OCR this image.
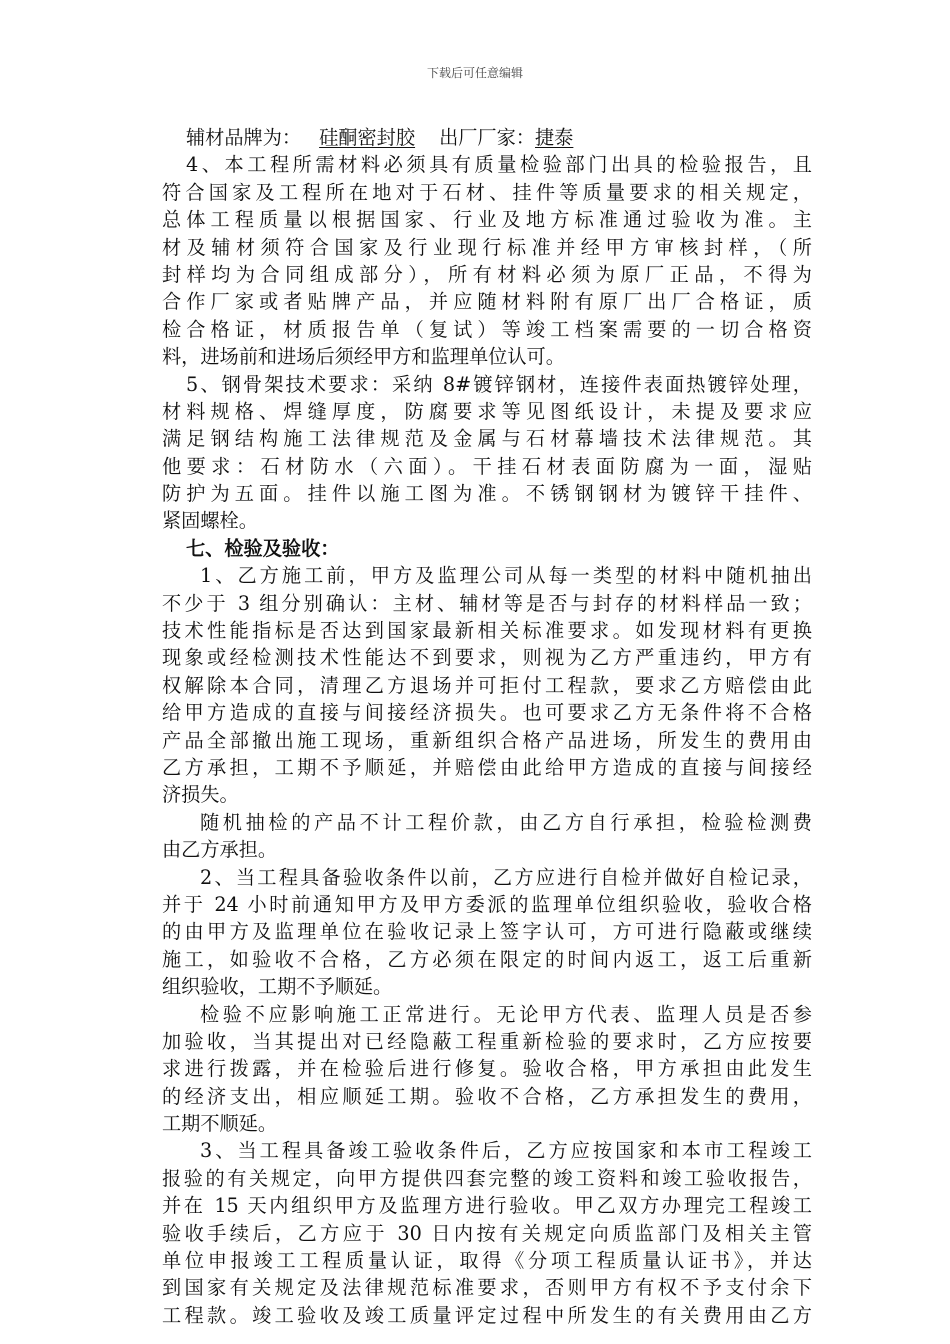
下载后可任意编辑
辅材品牌为： 硅酮密封胶 出厂厂家：捷泰
4、本工程所需材料必须具有质量检验部门出具的检验报告，且
符合国家及工程所在地对于石材、挂件等质量要求的相关规定，
总体工程质量以根据国家、行业及地方标准通过验收为准。主
材及辅材须符合国家及行业现行标准并经甲方审核封样，（所
封样均为合同组成部分），所有材料必须为原厂正品，不得为
合作厂家或者贴牌产品，并应随材料附有原厂出厂合格证，质
检合格证，材质报告单（复试）等竣工档案需要的一切合格资
料，进场前和进场后须经甲方和监理单位认可。
5、钢骨架技术要求：采纳 8#镀锌钢材，连接件表面热镀锌处理，
材料规格、焊缝厚度，防腐要求等见图纸设计，未提及要求应
满足钢结构施工法律规范及金属与石材幕墙技术法律规范。其
他要求：石材防水（六面）。干挂石材表面防腐为一面，湿贴
防护为五面。挂件以施工图为准。不锈钢钢材为镀锌干挂件、
紧固螺栓。
七、检验及验收：
1、乙方施工前，甲方及监理公司从每一类型的材料中随机抽出
不少于 3 组分别确认：主材、辅材等是否与封存的材料样品一致；
技术性能指标是否达到国家最新相关标准要求。如发现材料有更换
现象或经检测技术性能达不到要求，则视为乙方严重违约，甲方有
权解除本合同，清理乙方退场并可拒付工程款，要求乙方赔偿由此
给甲方造成的直接与间接经济损失。也可要求乙方无条件将不合格
产品全部撤出施工现场，重新组织合格产品进场，所发生的费用由
乙方承担，工期不予顺延，并赔偿由此给甲方造成的直接与间接经
济损失。
随机抽检的产品不计工程价款，由乙方自行承担，检验检测费
由乙方承担。
2、当工程具备验收条件以前，乙方应进行自检并做好自检记录，
并于 24 小时前通知甲方及甲方委派的监理单位组织验收，验收合格
的由甲方及监理单位在验收记录上签字认可，方可进行隐蔽或继续
施工，如验收不合格，乙方必须在限定的时间内返工，返工后重新
组织验收，工期不予顺延。
检验不应影响施工正常进行。无论甲方代表、监理人员是否参
加验收，当其提出对已经隐蔽工程重新检验的要求时，乙方应按要
求进行拨露，并在检验后进行修复。验收合格，甲方承担由此发生
的经济支出，相应顺延工期。验收不合格，乙方承担发生的费用，
工期不顺延。
3、当工程具备竣工验收条件后，乙方应按国家和本市工程竣工
报验的有关规定，向甲方提供四套完整的竣工资料和竣工验收报告，
并在 15 天内组织甲方及监理方进行验收。甲乙双方办理完工程竣工
验收手续后，乙方应于 30 日内按有关规定向质监部门及相关主管
单位申报竣工工程质量认证，取得《分项工程质量认证书》，并达
到国家有关规定及法律规范标准要求，否则甲方有权不予支付余下
工程款。竣工验收及竣工质量评定过程中所发生的有关费用由乙方
